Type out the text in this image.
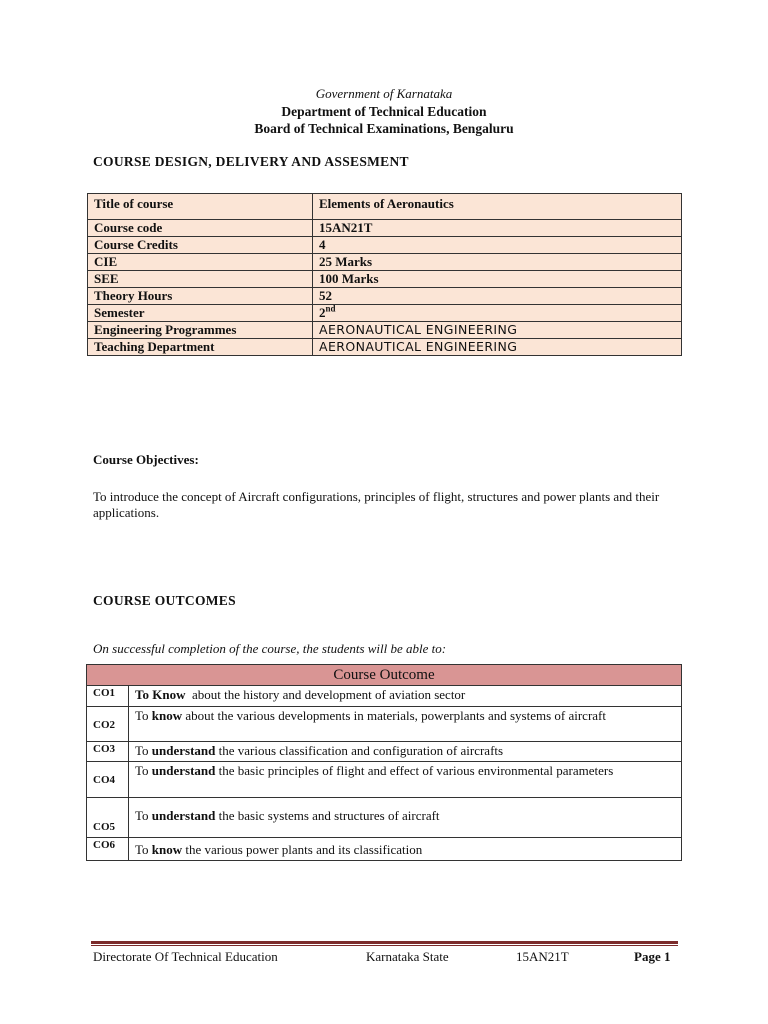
Government of Karnataka
Department of Technical Education
Board of Technical Examinations, Bengaluru
COURSE DESIGN, DELIVERY AND ASSESMENT
Title of course	Elements of Aeronautics
Course code	15AN21T
Course Credits	4
CIE	25 Marks
SEE	100 Marks
Theory Hours	52
Semester	2nd
Engineering Programmes	AERONAUTICAL ENGINEERING
Teaching Department	AERONAUTICAL ENGINEERING
Course Objectives:
To introduce the concept of Aircraft configurations, principles of flight, structures and power plants and their applications.
COURSE OUTCOMES
On successful completion of the course, the students will be able to:
Course Outcome	
CO1	To Know  about the history and development of aviation sector
CO2	To know about the various developments in materials, powerplants and systems of aircraft
CO3	To understand the various classification and configuration of aircrafts
CO4	To understand the basic principles of flight and effect of various environmental parameters
CO5	To understand the basic systems and structures of aircraft
CO6	To know the various power plants and its classification
Directorate Of Technical Education	Karnataka State	15AN21T	Page 1
